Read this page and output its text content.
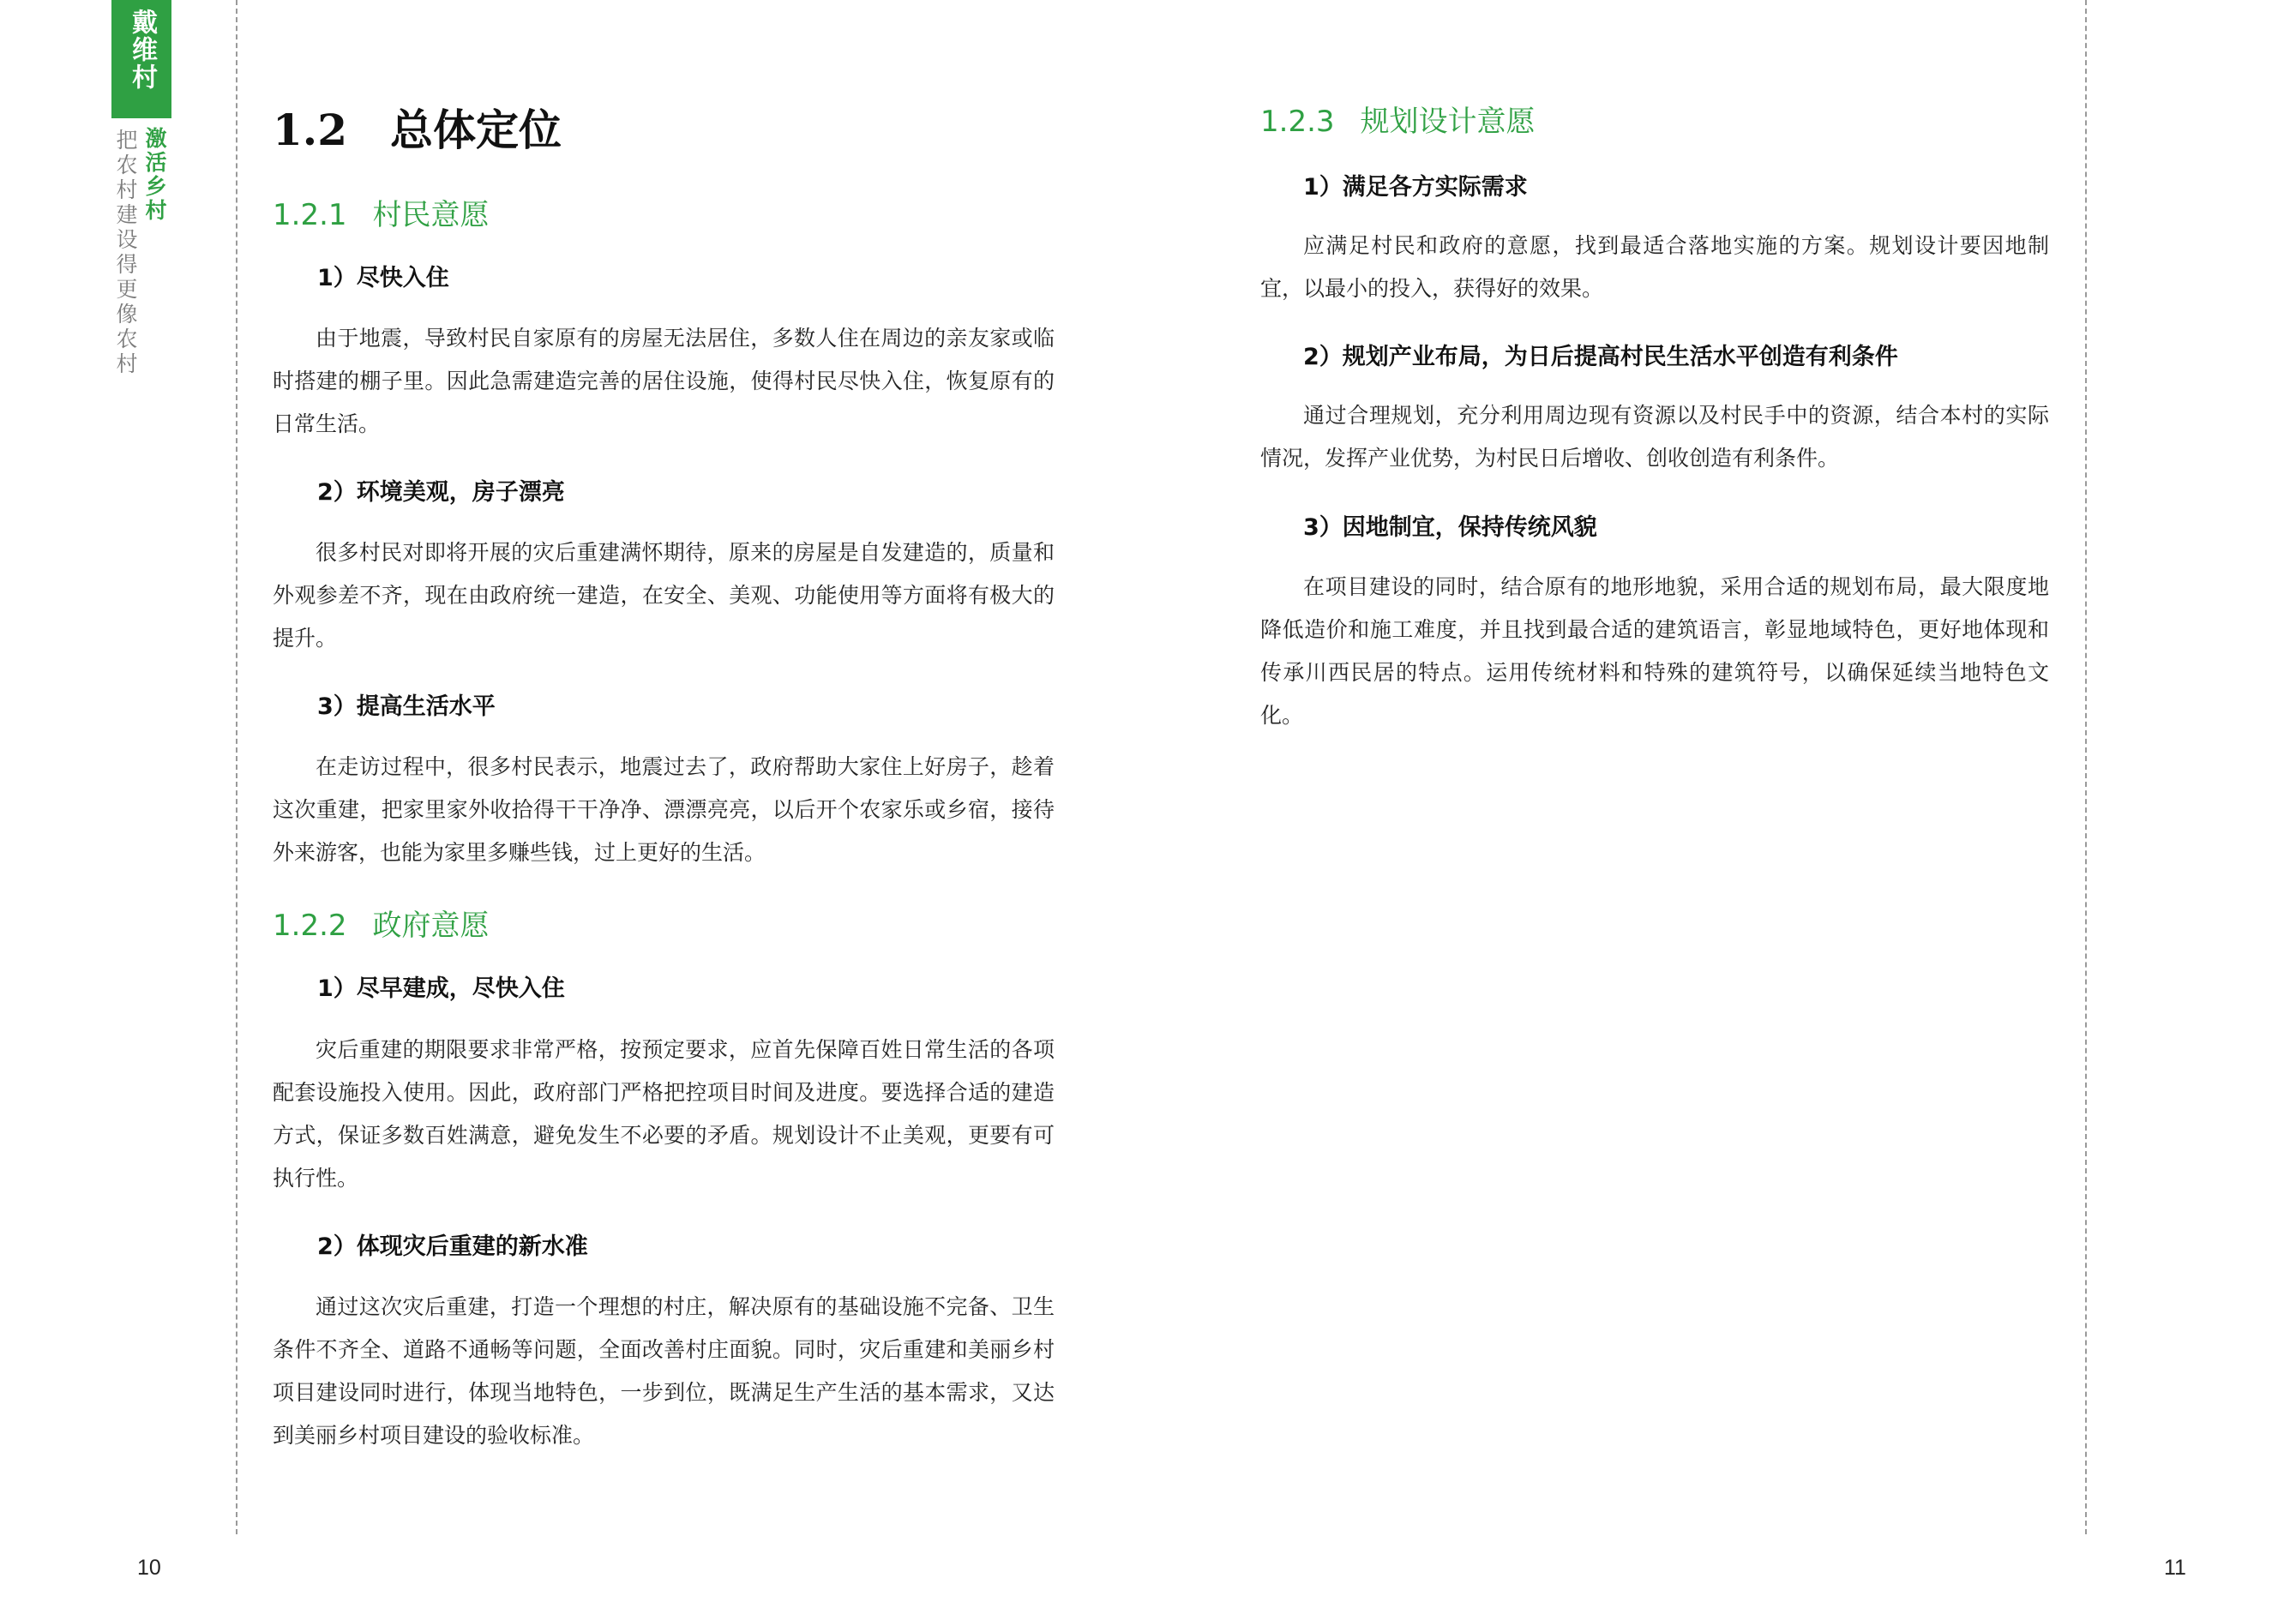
戴维村
激活乡村
把农村建设得更像农村	1.2 总体定位
1.2.1 村民意愿
1）尽快入住

由于地震，导致村民自家原有的房屋无法居住，多数人住在周边的亲友家或临时搭建的棚子里。因此急需建造完善的居住设施，使得村民尽快入住，恢复原有的日常生活。

2）环境美观，房子漂亮

很多村民对即将开展的灾后重建满怀期待，原来的房屋是自发建造的，质量和外观参差不齐，现在由政府统一建造，在安全、美观、功能使用等方面将有极大的提升。

3）提高生活水平

在走访过程中，很多村民表示，地震过去了，政府帮助大家住上好房子，趁着这次重建，把家里家外收拾得干干净净、漂漂亮亮，以后开个农家乐或乡宿，接待外来游客，也能为家里多赚些钱，过上更好的生活。

1.2.2 政府意愿
1）尽早建成，尽快入住

灾后重建的期限要求非常严格，按预定要求，应首先保障百姓日常生活的各项配套设施投入使用。因此，政府部门严格把控项目时间及进度。要选择合适的建造方式，保证多数百姓满意，避免发生不必要的矛盾。规划设计不止美观，更要有可执行性。

2）体现灾后重建的新水准

通过这次灾后重建，打造一个理想的村庄，解决原有的基础设施不完备、卫生条件不齐全、道路不通畅等问题，全面改善村庄面貌。同时，灾后重建和美丽乡村项目建设同时进行，体现当地特色，一步到位，既满足生产生活的基本需求，又达到美丽乡村项目建设的验收标准。

1.2.3 规划设计意愿
1）满足各方实际需求

应满足村民和政府的意愿，找到最适合落地实施的方案。规划设计要因地制宜，以最小的投入，获得好的效果。

2）规划产业布局，为日后提高村民生活水平创造有利条件

通过合理规划，充分利用周边现有资源以及村民手中的资源，结合本村的实际情况，发挥产业优势，为村民日后增收、创收创造有利条件。

3）因地制宜，保持传统风貌

在项目建设的同时，结合原有的地形地貌，采用合适的规划布局，最大限度地降低造价和施工难度，并且找到最合适的建筑语言，彰显地域特色，更好地体现和传承川西民居的特点。运用传统材料和特殊的建筑符号，以确保延续当地特色文化。

10	11
